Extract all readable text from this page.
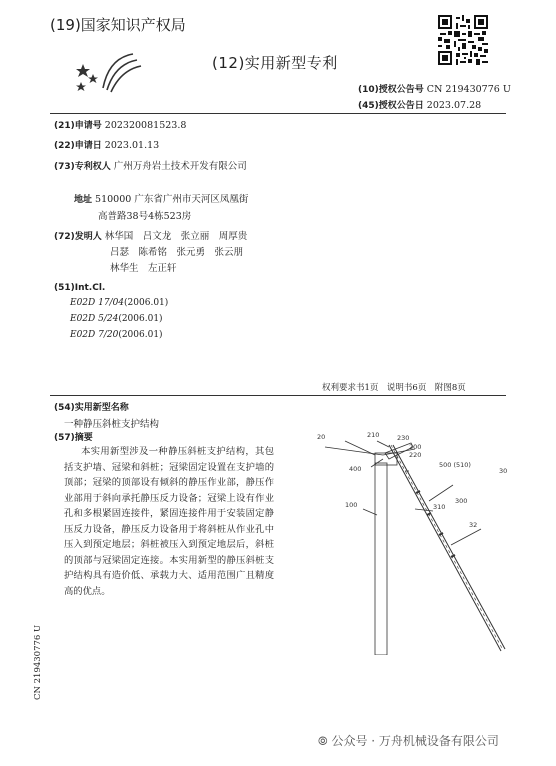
(19)国家知识产权局
(12)实用新型专利
(10)授权公告号 CN 219430776 U
(45)授权公告日 2023.07.28
(21)申请号 202320081523.8
(22)申请日 2023.01.13
(73)专利权人 广州万舟岩土技术开发有限公司
地址 510000 广东省广州市天河区凤凰街
高普路38号4栋523房
(72)发明人 林华国　吕文龙　张立丽　周厚贵
吕瑟　陈希铭　张元勇　张云朋
林华生　左正轩
(51)Int.Cl.
E02D 17/04(2006.01)
E02D 5/24(2006.01)
E02D 7/20(2006.01)
权利要求书1页　说明书6页　附图8页
(54)实用新型名称
一种静压斜桩支护结构
(57)摘要
本实用新型涉及一种静压斜桩支护结构，其包括支护墙、冠梁和斜桩；冠梁固定设置在支护墙的顶部；冠梁的顶部设有倾斜的静压作业部，静压作业部用于斜向承托静压反力设备；冠梁上设有作业孔和多根紧固连接件，紧固连接件用于安装固定静压反力设备，静压反力设备用于将斜桩从作业孔中压入到预定地层；斜桩被压入到预定地层后，斜桩的顶部与冠梁固定连接。本实用新型的静压斜桩支护结构具有造价低、承载力大、适用范围广且精度高的优点。
20	210	230
200
220
400	500 (510)
30
100	300
310
32
CN 219430776 U
⦾ 公众号 · 万舟机械设备有限公司
